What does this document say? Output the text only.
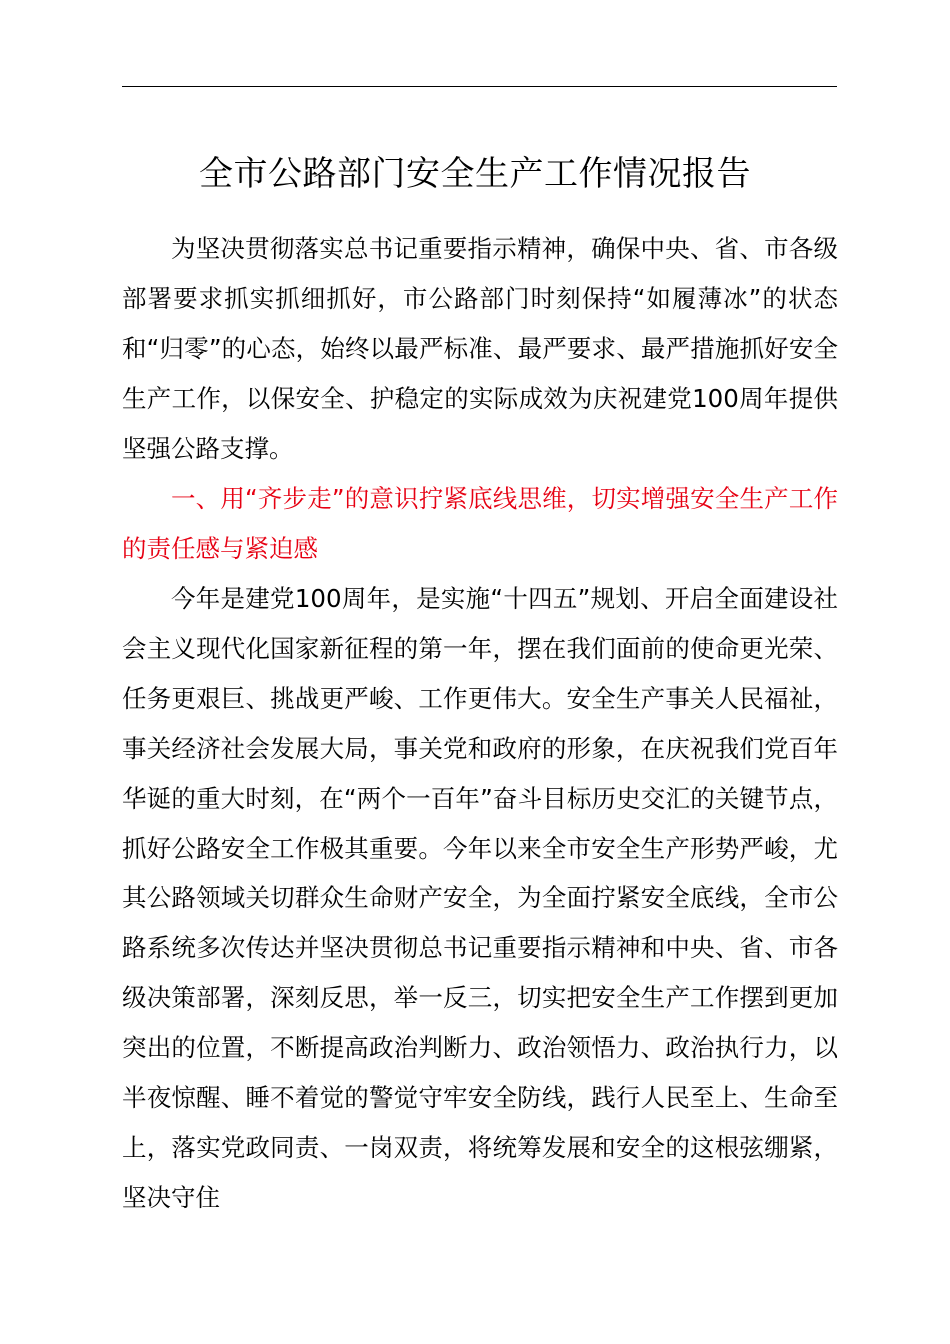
全市公路部门安全生产工作情况报告

为坚决贯彻落实总书记重要指示精神，确保中央、省、市各级部署要求抓实抓细抓好，市公路部门时刻保持“如履薄冰”的状态和“归零”的心态，始终以最严标准、最严要求、最严措施抓好安全生产工作，以保安全、护稳定的实际成效为庆祝建党100周年提供坚强公路支撑。

一、用“齐步走”的意识拧紧底线思维，切实增强安全生产工作的责任感与紧迫感

今年是建党100周年，是实施“十四五”规划、开启全面建设社会主义现代化国家新征程的第一年，摆在我们面前的使命更光荣、任务更艰巨、挑战更严峻、工作更伟大。安全生产事关人民福祉，事关经济社会发展大局，事关党和政府的形象，在庆祝我们党百年华诞的重大时刻，在“两个一百年”奋斗目标历史交汇的关键节点，抓好公路安全工作极其重要。今年以来全市安全生产形势严峻，尤其公路领域关切群众生命财产安全，为全面拧紧安全底线，全市公路系统多次传达并坚决贯彻总书记重要指示精神和中央、省、市各级决策部署，深刻反思，举一反三，切实把安全生产工作摆到更加突出的位置，不断提高政治判断力、政治领悟力、政治执行力，以半夜惊醒、睡不着觉的警觉守牢安全防线，践行人民至上、生命至上，落实党政同责、一岗双责，将统筹发展和安全的这根弦绷紧，坚决守住
